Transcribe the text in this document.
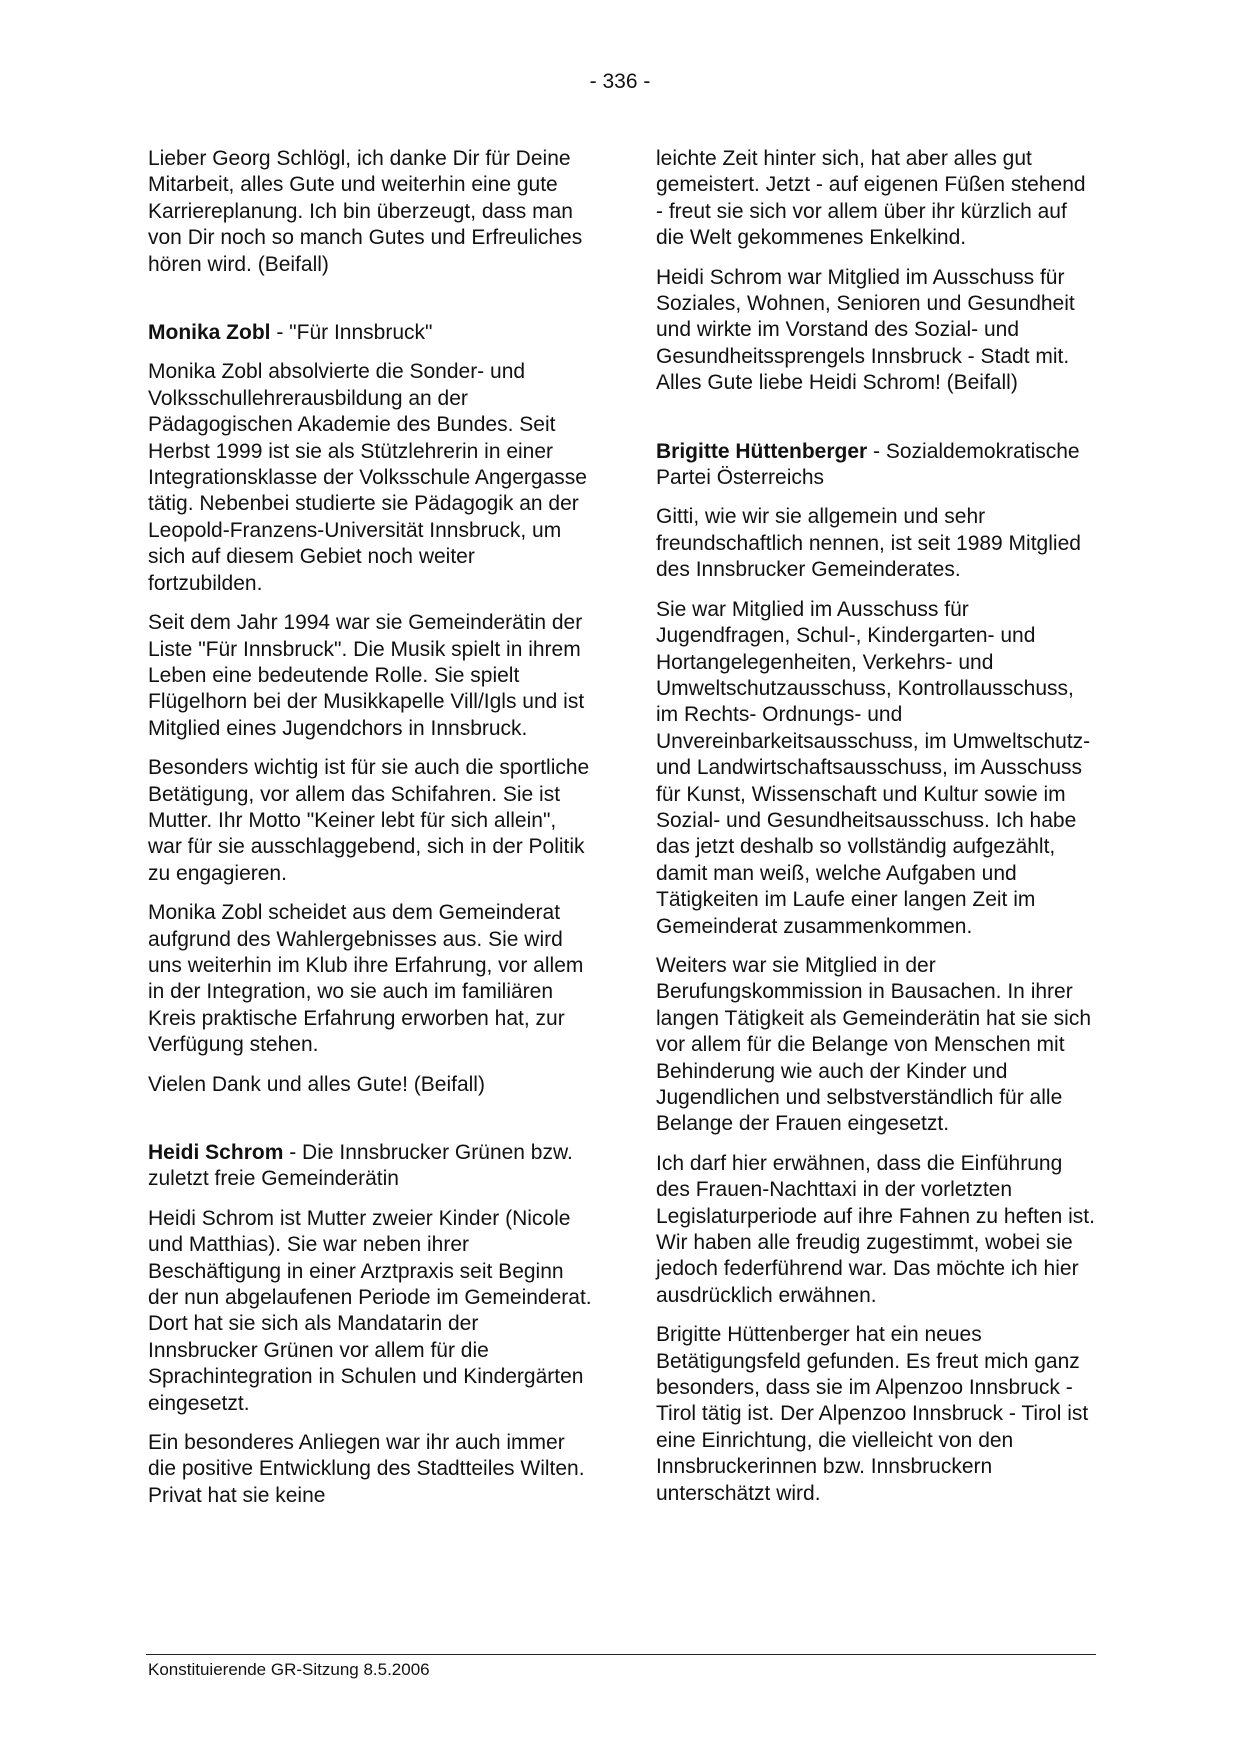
- 336 -

Lieber Georg Schlögl, ich danke Dir für Deine Mitarbeit, alles Gute und weiterhin eine gute Karriereplanung. Ich bin überzeugt, dass man von Dir noch so manch Gutes und Erfreuliches hören wird. (Beifall)

Monika Zobl - "Für Innsbruck"

Monika Zobl absolvierte die Sonder- und Volksschullehrerausbildung an der Pädagogischen Akademie des Bundes. Seit Herbst 1999 ist sie als Stützlehrerin in einer Integrationsklasse der Volksschule Angergasse tätig. Nebenbei studierte sie Pädagogik an der Leopold-Franzens-Universität Innsbruck, um sich auf diesem Gebiet noch weiter fortzubilden.

Seit dem Jahr 1994 war sie Gemeinderätin der Liste "Für Innsbruck". Die Musik spielt in ihrem Leben eine bedeutende Rolle. Sie spielt Flügelhorn bei der Musikkapelle Vill/Igls und ist Mitglied eines Jugendchors in Innsbruck.

Besonders wichtig ist für sie auch die sportliche Betätigung, vor allem das Schifahren. Sie ist Mutter. Ihr Motto "Keiner lebt für sich allein", war für sie ausschlaggebend, sich in der Politik zu engagieren.

Monika Zobl scheidet aus dem Gemeinderat aufgrund des Wahlergebnisses aus. Sie wird uns weiterhin im Klub ihre Erfahrung, vor allem in der Integration, wo sie auch im familiären Kreis praktische Erfahrung erworben hat, zur Verfügung stehen.

Vielen Dank und alles Gute! (Beifall)

Heidi Schrom - Die Innsbrucker Grünen bzw. zuletzt freie Gemeinderätin

Heidi Schrom ist Mutter zweier Kinder (Nicole und Matthias). Sie war neben ihrer Beschäftigung in einer Arztpraxis seit Beginn der nun abgelaufenen Periode im Gemeinderat. Dort hat sie sich als Mandatarin der Innsbrucker Grünen vor allem für die Sprachintegration in Schulen und Kindergärten eingesetzt.

Ein besonderes Anliegen war ihr auch immer die positive Entwicklung des Stadtteiles Wilten. Privat hat sie keine

leichte Zeit hinter sich, hat aber alles gut gemeistert. Jetzt - auf eigenen Füßen stehend - freut sie sich vor allem über ihr kürzlich auf die Welt gekommenes Enkelkind.

Heidi Schrom war Mitglied im Ausschuss für Soziales, Wohnen, Senioren und Gesundheit und wirkte im Vorstand des Sozial- und Gesundheitssprengels Innsbruck - Stadt mit. Alles Gute liebe Heidi Schrom! (Beifall)

Brigitte Hüttenberger - Sozialdemokratische Partei Österreichs

Gitti, wie wir sie allgemein und sehr freundschaftlich nennen, ist seit 1989 Mitglied des Innsbrucker Gemeinderates.

Sie war Mitglied im Ausschuss für Jugendfragen, Schul-, Kindergarten- und Hortangelegenheiten, Verkehrs- und Umweltschutzausschuss, Kontrollausschuss, im Rechts- Ordnungs- und Unvereinbarkeitsausschuss, im Umweltschutz- und Landwirtschaftsausschuss, im Ausschuss für Kunst, Wissenschaft und Kultur sowie im Sozial- und Gesundheitsausschuss. Ich habe das jetzt deshalb so vollständig aufgezählt, damit man weiß, welche Aufgaben und Tätigkeiten im Laufe einer langen Zeit im Gemeinderat zusammenkommen.

Weiters war sie Mitglied in der Berufungskommission in Bausachen. In ihrer langen Tätigkeit als Gemeinderätin hat sie sich vor allem für die Belange von Menschen mit Behinderung wie auch der Kinder und Jugendlichen und selbstverständlich für alle Belange der Frauen eingesetzt.

Ich darf hier erwähnen, dass die Einführung des Frauen-Nachttaxi in der vorletzten Legislaturperiode auf ihre Fahnen zu heften ist. Wir haben alle freudig zugestimmt, wobei sie jedoch federführend war. Das möchte ich hier ausdrücklich erwähnen.

Brigitte Hüttenberger hat ein neues Betätigungsfeld gefunden. Es freut mich ganz besonders, dass sie im Alpenzoo Innsbruck - Tirol tätig ist. Der Alpenzoo Innsbruck - Tirol ist eine Einrichtung, die vielleicht von den Innsbruckerinnen bzw. Innsbruckern unterschätzt wird.

Konstituierende GR-Sitzung 8.5.2006
